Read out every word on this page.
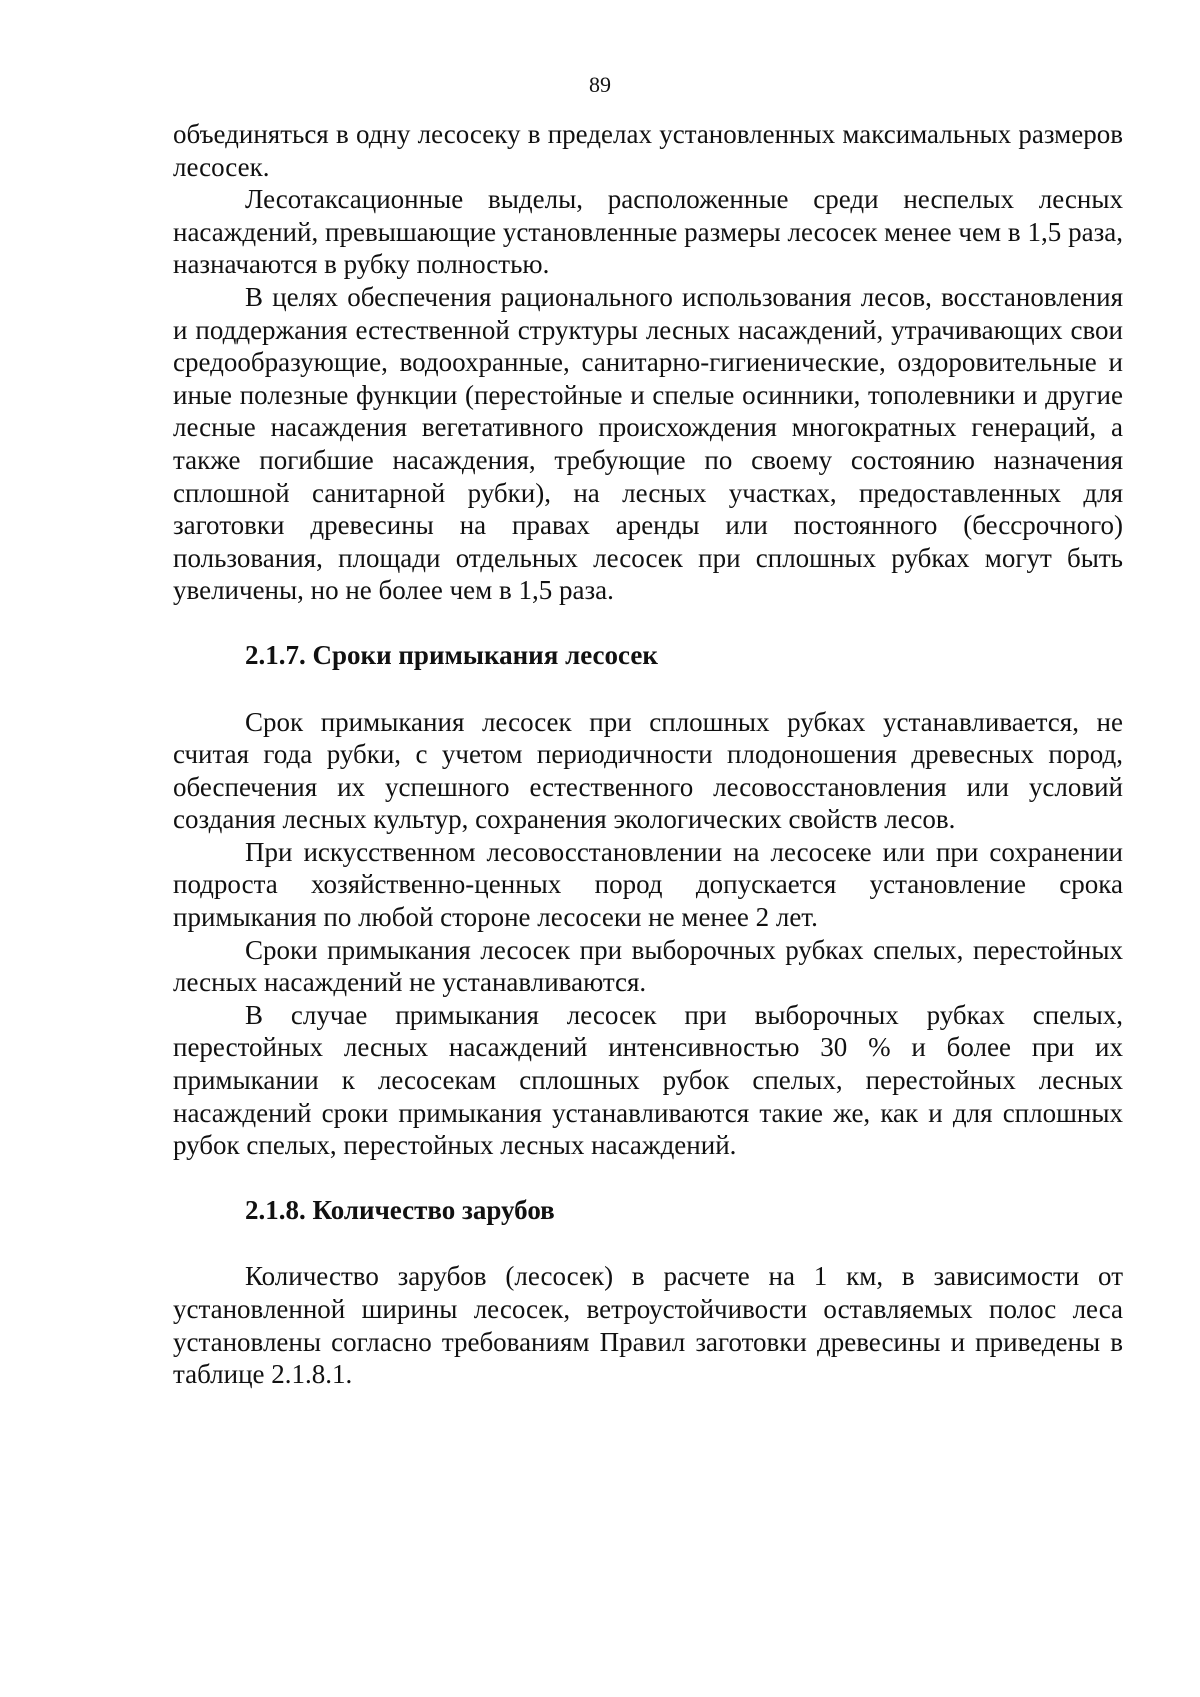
89

объединяться в одну лесосеку в пределах установленных максимальных размеров лесосек.

Лесотаксационные выделы, расположенные среди неспелых лесных насаждений, превышающие установленные размеры лесосек менее чем в 1,5 раза, назначаются в рубку полностью.

В целях обеспечения рационального использования лесов, восстановления и поддержания естественной структуры лесных насаждений, утрачивающих свои средообразующие, водоохранные, санитарно-гигиенические, оздоровительные и иные полезные функции (перестойные и спелые осинники, тополевники и другие лесные насаждения вегетативного происхождения многократных генераций, а также погибшие насаждения, требующие по своему состоянию назначения сплошной санитарной рубки), на лесных участках, предоставленных для заготовки древесины на правах аренды или постоянного (бессрочного) пользования, площади отдельных лесосек при сплошных рубках могут быть увеличены, но не более чем в 1,5 раза.

2.1.7. Сроки примыкания лесосек

Срок примыкания лесосек при сплошных рубках устанавливается, не считая года рубки, с учетом периодичности плодоношения древесных пород, обеспечения их успешного естественного лесовосстановления или условий создания лесных культур, сохранения экологических свойств лесов.

При искусственном лесовосстановлении на лесосеке или при сохранении подроста хозяйственно-ценных пород допускается установление срока примыкания по любой стороне лесосеки не менее 2 лет.

Сроки примыкания лесосек при выборочных рубках спелых, перестойных лесных насаждений не устанавливаются.

В случае примыкания лесосек при выборочных рубках спелых, перестойных лесных насаждений интенсивностью 30 % и более при их примыкании к лесосекам сплошных рубок спелых, перестойных лесных насаждений сроки примыкания устанавливаются такие же, как и для сплошных рубок спелых, перестойных лесных насаждений.

2.1.8. Количество зарубов

Количество зарубов (лесосек) в расчете на 1 км, в зависимости от установленной ширины лесосек, ветроустойчивости оставляемых полос леса установлены согласно требованиям Правил заготовки древесины и приведены в таблице 2.1.8.1.
